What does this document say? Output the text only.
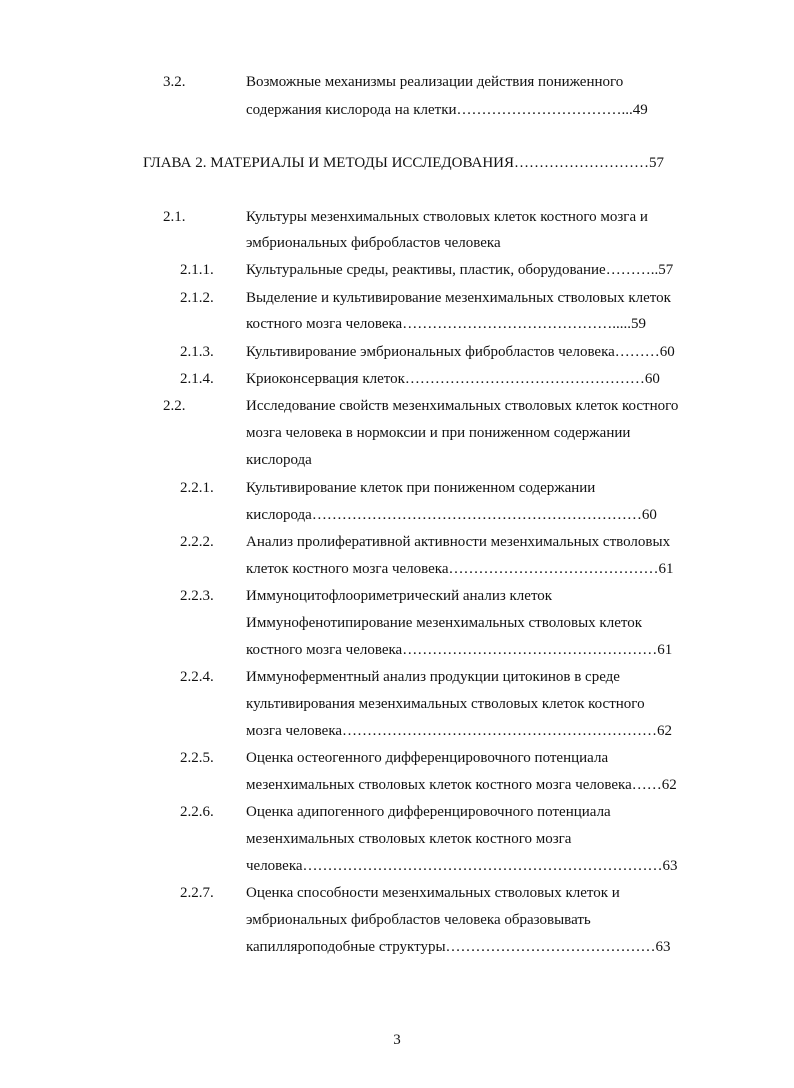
3.2.	Возможные механизмы реализации действия пониженного
содержания кислорода на клетки……………………………...49
ГЛАВА 2. МАТЕРИАЛЫ И МЕТОДЫ ИССЛЕДОВАНИЯ………………………57
2.1.	Культуры мезенхимальных стволовых клеток костного мозга и
эмбриональных фибробластов человека
2.1.1. Культуральные среды, реактивы, пластик, оборудование………..57
2.1.2. Выделение и культивирование мезенхимальных стволовых клеток
костного мозга человека…………………………………….....59
2.1.3. Культивирование эмбриональных фибробластов человека………60
2.1.4. Криоконсервация клеток…………………………………………60
2.2.	Исследование свойств мезенхимальных стволовых клеток костного
мозга человека в нормоксии и при пониженном содержании
кислорода
2.2.1. Культивирование клеток при пониженном содержании
кислорода…………………………………………………………60
2.2.2. Анализ пролиферативной активности мезенхимальных стволовых
клеток костного мозга человека……………………………………61
2.2.3. Иммуноцитофлоориметрический анализ клеток
Иммунофенотипирование мезенхимальных стволовых клеток
костного мозга человека……………………………………………61
2.2.4. Иммуноферментный анализ продукции цитокинов в среде
культивирования мезенхимальных стволовых клеток костного
мозга человека………………………………………………………62
2.2.5. Оценка остеогенного дифференцировочного потенциала
мезенхимальных стволовых клеток костного мозга человека……62
2.2.6. Оценка адипогенного дифференцировочного потенциала
мезенхимальных стволовых клеток костного мозга
человека………………………………………………………………63
2.2.7. Оценка способности мезенхимальных стволовых клеток и
эмбриональных фибробластов человека образовывать
капилляроподобные структуры……………………………………63
3
